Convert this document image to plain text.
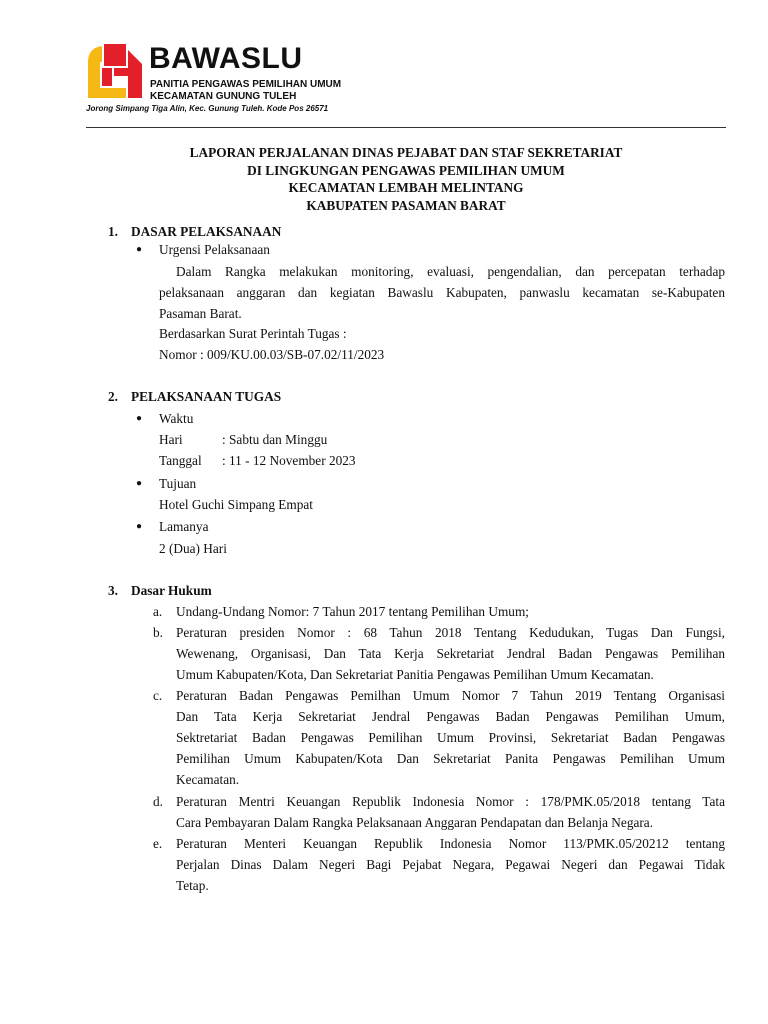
BAWASLU
PANITIA PENGAWAS PEMILIHAN UMUM
KECAMATAN GUNUNG TULEH
Jorong Simpang Tiga Alin, Kec. Gunung Tuleh. Kode Pos 26571
LAPORAN PERJALANAN DINAS PEJABAT DAN STAF SEKRETARIAT
DI LINGKUNGAN PENGAWAS PEMILIHAN UMUM
KECAMATAN LEMBAH MELINTANG
KABUPATEN PASAMAN BARAT
1. DASAR PELAKSANAAN
● Urgensi Pelaksanaan
Dalam Rangka melakukan monitoring, evaluasi, pengendalian, dan percepatan terhadap
pelaksanaan anggaran dan kegiatan Bawaslu Kabupaten, panwaslu kecamatan se-Kabupaten
Pasaman Barat.
Berdasarkan Surat Perintah Tugas :
Nomor : 009/KU.00.03/SB-07.02/11/2023
2. PELAKSANAAN TUGAS
● Waktu
Hari	: Sabtu dan Minggu
Tanggal : 11 - 12 November 2023
● Tujuan
Hotel Guchi Simpang Empat
● Lamanya
2 (Dua) Hari
3. Dasar Hukum
a. Undang-Undang Nomor: 7 Tahun 2017 tentang Pemilihan Umum;
b. Peraturan presiden Nomor : 68 Tahun 2018 Tentang Kedudukan, Tugas Dan Fungsi,
Wewenang, Organisasi, Dan Tata Kerja Sekretariat Jendral Badan Pengawas Pemilihan
Umum Kabupaten/Kota, Dan Sekretariat Panitia Pengawas Pemilihan Umum Kecamatan.
c. Peraturan Badan Pengawas Pemilhan Umum Nomor 7 Tahun 2019 Tentang Organisasi
Dan Tata Kerja Sekretariat Jendral Pengawas Badan Pengawas Pemilihan Umum,
Sektretariat Badan Pengawas Pemilihan Umum Provinsi, Sekretariat Badan Pengawas
Pemilihan Umum Kabupaten/Kota Dan Sekretariat Panita Pengawas Pemilihan Umum
Kecamatan.
d. Peraturan Mentri Keuangan Republik Indonesia Nomor : 178/PMK.05/2018 tentang Tata
Cara Pembayaran Dalam Rangka Pelaksanaan Anggaran Pendapatan dan Belanja Negara.
e. Peraturan Menteri Keuangan Republik Indonesia Nomor 113/PMK.05/20212 tentang
Perjalan Dinas Dalam Negeri Bagi Pejabat Negara, Pegawai Negeri dan Pegawai Tidak
Tetap.
